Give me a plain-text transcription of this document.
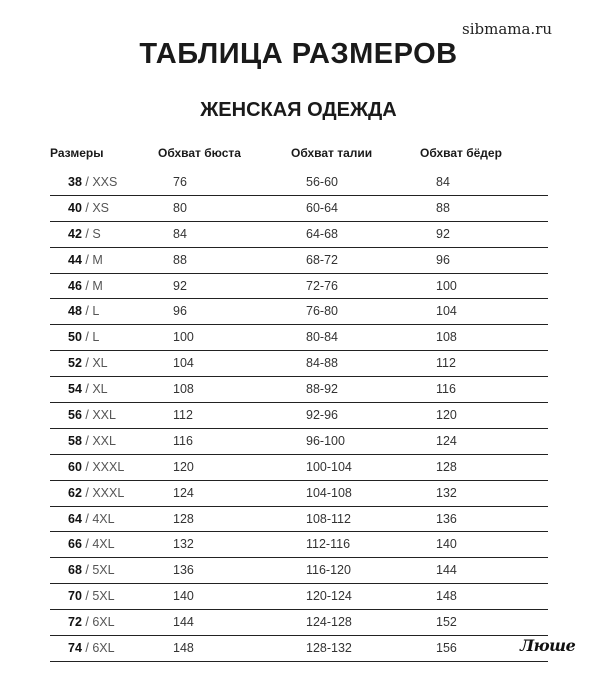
sibmama.ru
ТАБЛИЦА РАЗМЕРОВ
ЖЕНСКАЯ ОДЕЖДА
Размеры	Обхват бюста	Обхват талии	Обхват бёдер
38 / XXS	76	56-60	84
40 / XS	80	60-64	88
42 / S	84	64-68	92
44 / M	88	68-72	96
46 / M	92	72-76	100
48 / L	96	76-80	104
50 / L	100	80-84	108
52 / XL	104	84-88	112
54 / XL	108	88-92	116
56 / XXL	112	92-96	120
58 / XXL	116	96-100	124
60 / XXXL	120	100-104	128
62 / XXXL	124	104-108	132
64 / 4XL	128	108-112	136
66 / 4XL	132	112-116	140
68 / 5XL	136	116-120	144
70 / 5XL	140	120-124	148
72 / 6XL	144	124-128	152
74 / 6XL	148	128-132	156	Люше
